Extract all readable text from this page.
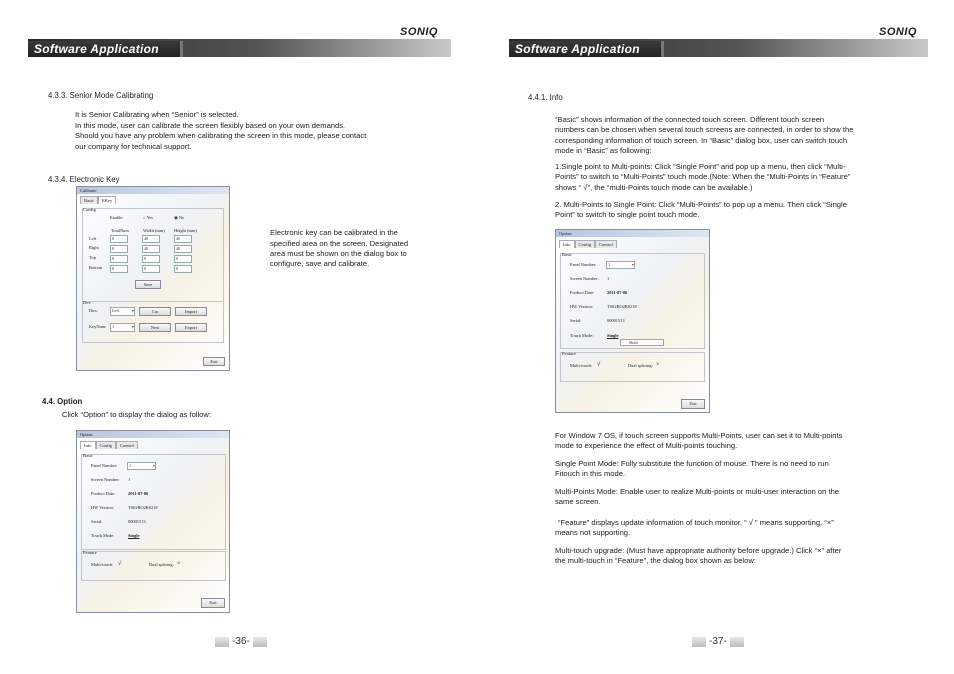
SONIQ
Software Application
4.3.3. Senior Mode Calibrating
It is Senior Calibrating when “Senior” is selected.
In this mode, user can calibrate the screen flexibly based on your own demands.
Should you have any problem when calibrating the screen in this mode, please contact
our company for technical support.
4.3.4. Electronic Key
Calibrate
Basic	EKey
Config
Enable:	○ Yes	◉ No
TotalNum	Width (mm) Height (mm)
Left	0	40	40
Right	0	40	40
Top	0	0	0
Bottom	0	0	0
Save
Dev
Dirs:	Left	▾	Cur	Import
KeyNum:	1	▾	Next	Export
Exit
Electronic key can be calibrated in the
specified area on the screen. Designated
area must be shown on the dialog box to
configure, save and calibrate.
4.4. Option
Click “Option” to display the dialog as follow:
Option
Info	Config	Control
Basic
Panel Number:	1	▾
Screen Number: 1
Product Date:	2011-07-06
HW Version:	TS02RO2B0218
Serial:	00001513
Touch Mode:	Single
Feature
Multi-touch: √	Dual splicing: ×
Exit
-36-
SONIQ
Software Application
4.4.1. Info
“Basic” shows information of the connected touch screen. Different touch screen
numbers can be chosen when several touch screens are connected, in order to show the
corresponding information of touch screen. In “Basic” dialog box, user can switch touch
mode in “Basic” as following:
1.Single point to Multi-points: Click “Single Point” and pop up a menu, then click “Multi-
Points” to switch to “Multi-Points” touch mode.(Note: When the “Multi-Points in “Feature”
shows “ √”, the “multi-Points touch mode can be available.)
2. Multi-Points to Single Point: Click “Multi-Points” to pop up a menu. Then click “Single
Point” to switch to single point touch mode.
Option
Info	Config	Control
Basic
Panel Number:	1	▾
Screen Number: 1
Product Date:	2011-07-06
HW Version:	TS02RO2B0218
Serial:	00001513
Touch Mode:	Single
Multi
Feature
Multi-touch: √	Dual splicing: ×
Exit
For Window 7 OS, if touch screen supports Multi-Points, user can set it to Multi-points
mode to experience the effect of Multi-points touching.
Single Point Mode: Fully substitute the function of mouse. There is no need to run
Fitouch in this mode.
Multi-Points Mode: Enable user to realize Multi-points or multi-user interaction on the
same screen.
“Feature” displays update information of touch monitor. “ √ ” means supporting, “×”
means not supporting.
Multi-touch upgrade: (Must have appropriate authority before upgrade.) Click “×” after
the multi-touch in “Feature”, the dialog box shown as below:
-37-
